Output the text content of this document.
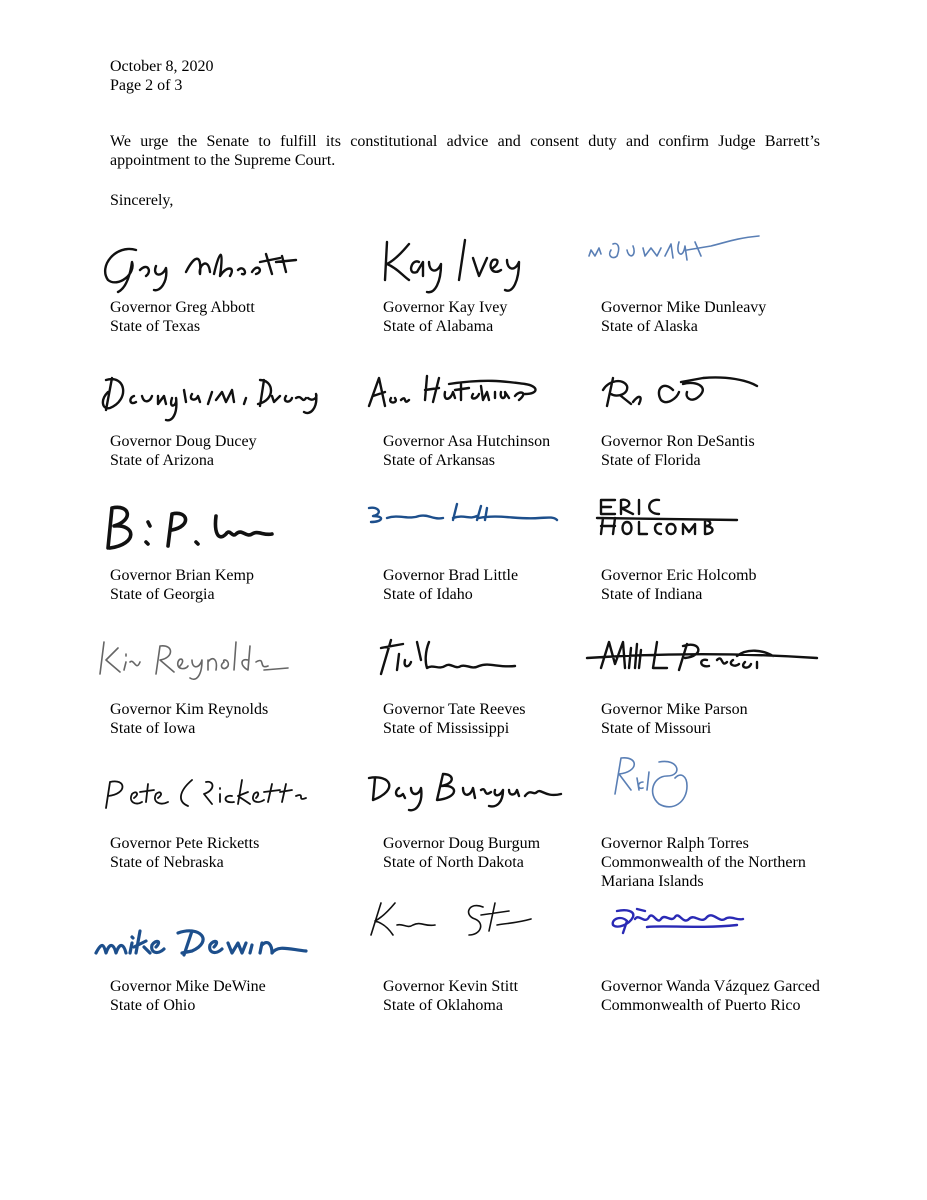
October 8, 2020
Page 2 of 3
We urge the Senate to fulfill its constitutional advice and consent duty and confirm Judge Barrett’s appointment to the Supreme Court.
Sincerely,
Governor Greg Abbott
State of Texas
Governor Kay Ivey
State of Alabama
Governor Mike Dunleavy
State of Alaska
Governor Doug Ducey
State of Arizona
Governor Asa Hutchinson
State of Arkansas
Governor Ron DeSantis
State of Florida
Governor Brian Kemp
State of Georgia
Governor Brad Little
State of Idaho
Governor Eric Holcomb
State of Indiana
Governor Kim Reynolds
State of Iowa
Governor Tate Reeves
State of Mississippi
Governor Mike Parson
State of Missouri
Governor Pete Ricketts
State of Nebraska
Governor Doug Burgum
State of North Dakota
Governor Ralph Torres
Commonwealth of the Northern
Mariana Islands
Governor Mike DeWine
State of Ohio
Governor Kevin Stitt
State of Oklahoma
Governor Wanda Vázquez Garced
Commonwealth of Puerto Rico
